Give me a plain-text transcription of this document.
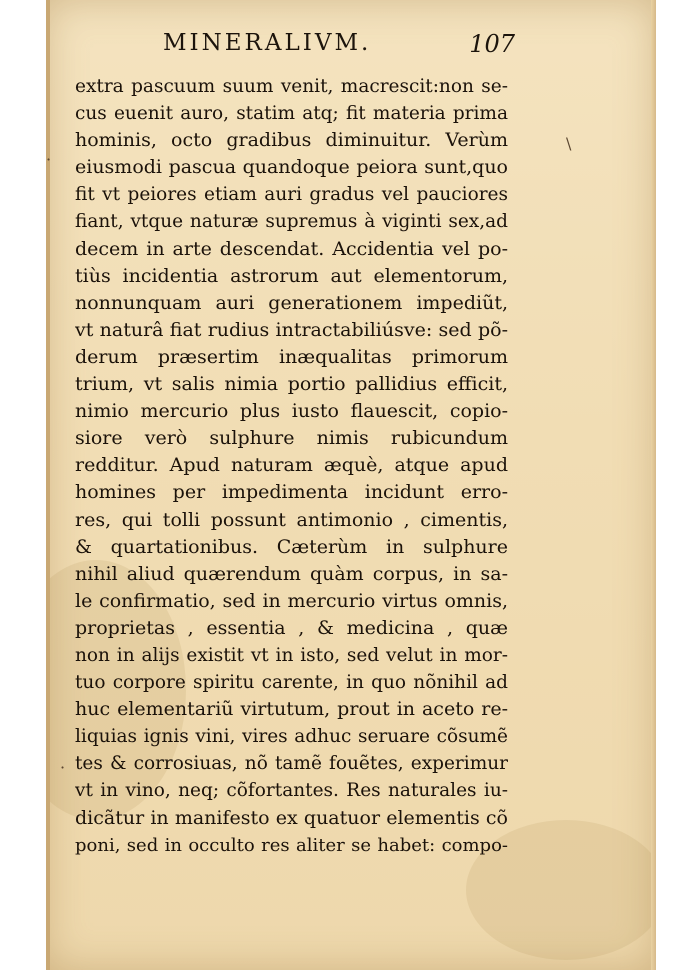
MINERALIVM.	107
\
·
·
extra pascuum suum venit, macrescit:non se-
cus euenit auro, statim atq; fit materia prima
hominis, octo gradibus diminuitur. Verùm
eiusmodi pascua quandoque peiora sunt,quo
fit vt peiores etiam auri gradus vel pauciores
fiant, vtque naturæ supremus à viginti sex,ad
decem in arte descendat. Accidentia vel po-
tiùs incidentia astrorum aut elementorum,
nonnunquam auri generationem impediũt,
vt naturâ fiat rudius intractabiliúsve: sed põ-
derum præsertim inæqualitas primorum
trium, vt salis nimia portio pallidius efficit,
nimio mercurio plus iusto flauescit, copio-
siore verò sulphure nimis rubicundum
redditur. Apud naturam æquè, atque apud
homines per impedimenta incidunt erro-
res, qui tolli possunt antimonio , cimentis,
& quartationibus. Cæterùm in sulphure
nihil aliud quærendum quàm corpus, in sa-
le confirmatio, sed in mercurio virtus omnis,
proprietas , essentia , & medicina , quæ
non in alijs existit vt in isto, sed velut in mor-
tuo corpore spiritu carente, in quo nõnihil ad
huc elementariũ virtutum, prout in aceto re-
liquias ignis vini, vires adhuc seruare cõsumẽ
tes & corrosiuas, nõ tamẽ fouẽtes, experimur
vt in vino, neq; cõfortantes. Res naturales iu-
dicãtur in manifesto ex quatuor elementis cõ
poni, sed in occulto res aliter se habet: compo-
